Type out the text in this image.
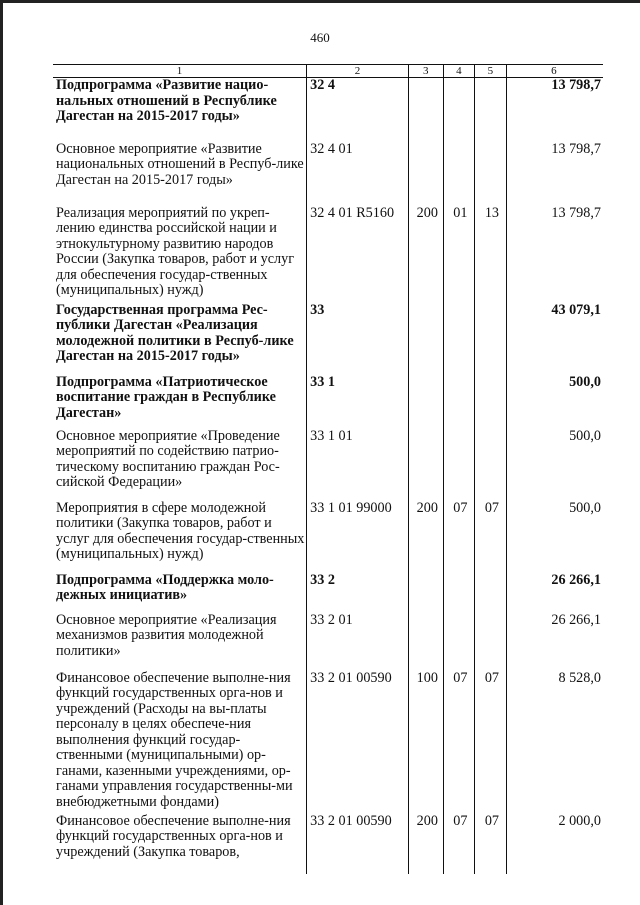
460
1	2	3	4	5	6
Подпрограмма «Развитие нацио-нальных отношений в Республике Дагестан на 2015-2017 годы»	32 4				13 798,7
Основное мероприятие «Развитие национальных отношений в Респуб-лике Дагестан на 2015-2017 годы»	32 4 01				13 798,7
Реализация мероприятий по укреп-лению единства российской нации и этнокультурному развитию народов России (Закупка товаров, работ и услуг для обеспечения государ-ственных (муниципальных) нужд)	32 4 01 R5160	200	01	13	13 798,7
Государственная программа Рес-публики Дагестан «Реализация молодежной политики в Респуб-лике Дагестан на 2015-2017 годы»	33				43 079,1
Подпрограмма «Патриотическое воспитание граждан в Республике Дагестан»	33 1				500,0
Основное мероприятие «Проведение мероприятий по содействию патрио-тическому воспитанию граждан Рос-сийской Федерации»	33 1 01				500,0
Мероприятия в сфере молодежной политики (Закупка товаров, работ и услуг для обеспечения государ-ственных (муниципальных) нужд)	33 1 01 99000	200	07	07	500,0
Подпрограмма «Поддержка моло-дежных инициатив»	33 2				26 266,1
Основное мероприятие «Реализация механизмов развития молодежной политики»	33 2 01				26 266,1
Финансовое обеспечение выполне-ния функций государственных орга-нов и учреждений (Расходы на вы-платы персоналу в целях обеспече-ния выполнения функций государ-ственными (муниципальными) ор-ганами, казенными учреждениями, ор-ганами управления государственны-ми внебюджетными фондами)	33 2 01 00590	100	07	07	8 528,0
Финансовое обеспечение выполне-ния функций государственных орга-нов и учреждений (Закупка товаров,	33 2 01 00590	200	07	07	2 000,0
